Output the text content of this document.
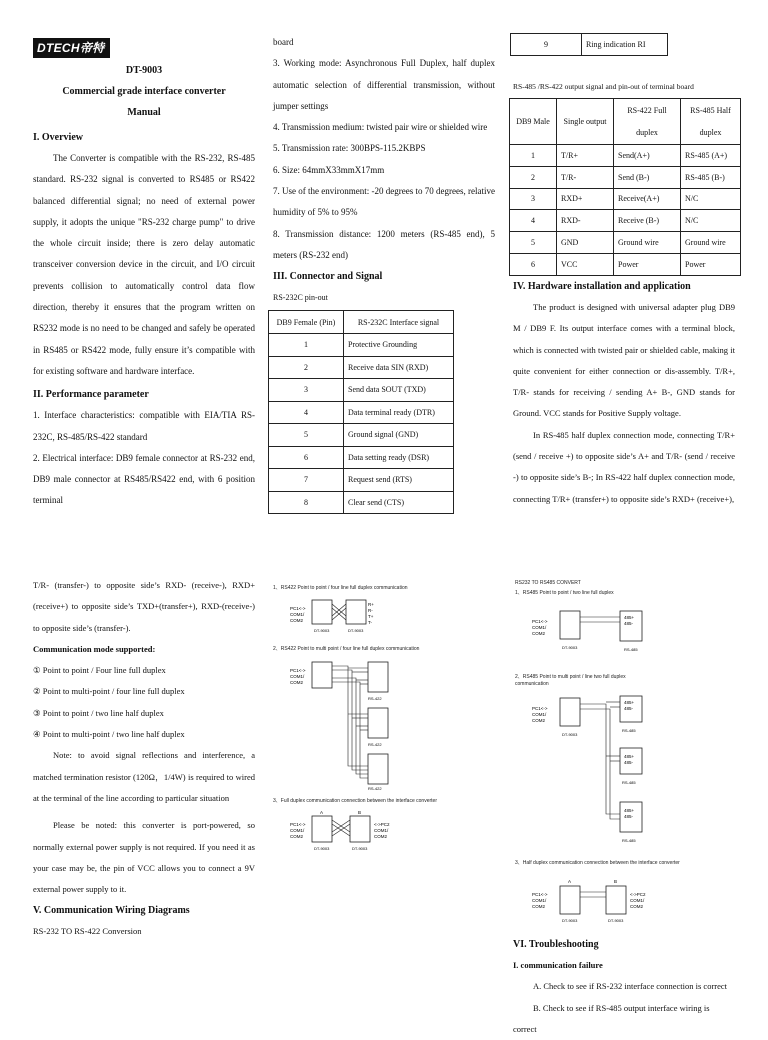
DTECH帝特
DT-9003
Commercial grade interface converter
Manual
I. Overview

The Converter is compatible with the RS-232, RS-485 standard. RS-232 signal is converted to RS485 or RS422 balanced differential signal; no need of external power supply, it adopts the unique "RS-232 charge pump" to drive the whole circuit inside; there is zero delay automatic transceiver conversion device in the circuit, and I/O circuit prevents collision to automatically control data flow direction, thereby it ensures that the program written on RS232 mode is no need to be changed and safely be operated in RS485 or RS422 mode, fully ensure it’s compatible with for existing software and hardware interface.

II. Performance parameter

1. Interface characteristics: compatible with EIA/TIA RS-232C, RS-485/RS-422 standard

2. Electrical interface: DB9 female connector at RS-232 end, DB9 male connector at RS485/RS422 end, with 6 position terminal

board

3. Working mode: Asynchronous Full Duplex, half duplex automatic selection of differential transmission, without jumper settings

4. Transmission medium: twisted pair wire or shielded wire

5. Transmission rate: 300BPS-115.2KBPS

6. Size: 64mmX33mmX17mm

7. Use of the environment: -20 degrees to 70 degrees, relative humidity of 5% to 95%

8. Transmission distance: 1200 meters (RS-485 end), 5 meters (RS-232 end)

III. Connector and Signal

RS-232C pin-out

DB9 Female (Pin)	RS-232C Interface signal
1	Protective Grounding
2	Receive data SIN (RXD)
3	Send data SOUT (TXD)
4	Data terminal ready (DTR)
5	Ground signal (GND)
6	Data setting ready (DSR)
7	Request send (RTS)
8	Clear send (CTS)
9	Ring indication RI
RS-485 /RS-422 output signal and pin-out of terminal board
DB9 Male	Single output	RS-422 Full duplex	RS-485 Half duplex
1	T/R+	Send(A+)	RS-485 (A+)
2	T/R-	Send (B-)	RS-485 (B-)
3	RXD+	Receive(A+)	N/C
4	RXD-	Receive (B-)	N/C
5	GND	Ground wire	Ground wire
6	VCC	Power	Power
IV. Hardware installation and application

The product is designed with universal adapter plug DB9 M / DB9 F. Its output interface comes with a terminal block, which is connected with twisted pair or shielded cable, making it quite convenient for either connection or dis-assembly. T/R+, T/R- stands for receiving / sending A+ B-, GND stands for Ground. VCC stands for Positive Supply voltage.

In RS-485 half duplex connection mode, connecting T/R+ (send / receive +) to opposite side’s A+ and T/R- (send / receive -) to opposite side’s B-; In RS-422 half duplex connection mode, connecting T/R+ (transfer+) to opposite side’s RXD+ (receive+),

T/R- (transfer-) to opposite side’s RXD- (receive-), RXD+(receive+) to opposite side’s TXD+(transfer+), RXD-(receive-) to opposite side’s (transfer-).

Communication mode supported:

① Point to point / Four line full duplex

② Point to multi-point / four line full duplex

③ Point to point / two line half duplex

④ Point to multi-point / two line half duplex

Note: to avoid signal reflections and interference, a matched termination resistor (120Ω，1/4W) is required to wired at the terminal of the line according to particular situation

Please be noted: this converter is port-powered, so normally external power supply is not required. If you need it as your case may be, the pin of VCC allows you to connect a 9V external power supply to it.

V. Communication Wiring Diagrams

RS-232 TO RS-422 Conversion

1、RS422 Point to point / four line full duplex communication
PC1<->
COM1/
COM2
R+
R-
T+
T-
DT-9003	DT-9003
2、RS422 Point to multi point / four line full duplex communication
PC1<->
COM1/
COM2
RS-422
RS-422
RS-422
3、Full duplex communication connection between the interface converter
A	B
PC1<->
COM1/
COM2
<->PC2
COM1/
COM2
DT-9003	DT-9003
RS232 TO RS485 CONVERT
1、RS485 Point to point / two line full duplex
PC1<->
COM1/
COM2
485+
485-
DT-9003	RS-485
2、RS485 Point to multi point / line two full duplex communication
PC1<->
COM1/
COM2
DT-9003
485+
485-
RS-485
485+
485-
RS-485
485+
485-
RS-485
3、Half duplex communication connection between the interface converter
A	B
PC1<->
COM1/
COM2
<->PC2
COM1/
COM2
DT-9003	DT-9003
VI. Troubleshooting

I. communication failure

A. Check to see if RS-232 interface connection is correct

B. Check to see if RS-485 output interface wiring is correct
